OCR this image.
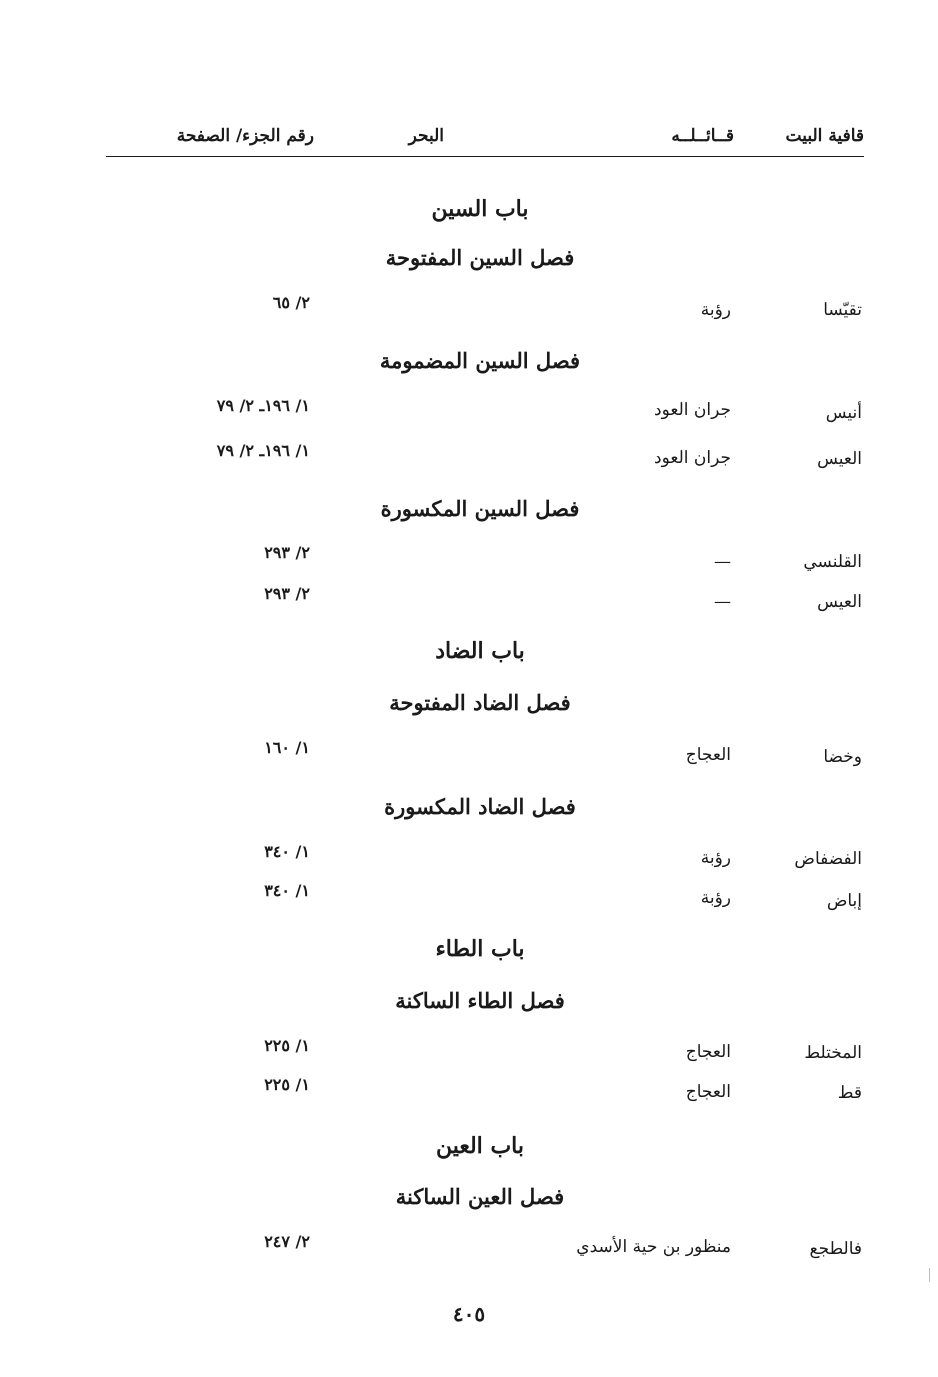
قافية البيت
قــائــلــه
البحر
رقم الجزء/ الصفحة
باب السين
فصل السين المفتوحة
تقيّسا
رؤبة
٢/ ٦٥
فصل السين المضمومة
أنيس
جران العود
١/ ١٩٦ـ ٢/ ٧٩
العيس
جران العود
١/ ١٩٦ـ ٢/ ٧٩
فصل السين المكسورة
القلنسي
—
٢/ ٢٩٣
العيس
—
٢/ ٢٩٣
باب الضاد
فصل الضاد المفتوحة
وخضا
العجاج
١/ ١٦٠
فصل الضاد المكسورة
الفضفاض
رؤبة
١/ ٣٤٠
إباض
رؤبة
١/ ٣٤٠
باب الطاء
فصل الطاء الساكنة
المختلط
العجاج
١/ ٢٢٥
قط
العجاج
١/ ٢٢٥
باب العين
فصل العين الساكنة
فالطجع
منظور بن حية الأسدي
٢/ ٢٤٧
٤٠٥
